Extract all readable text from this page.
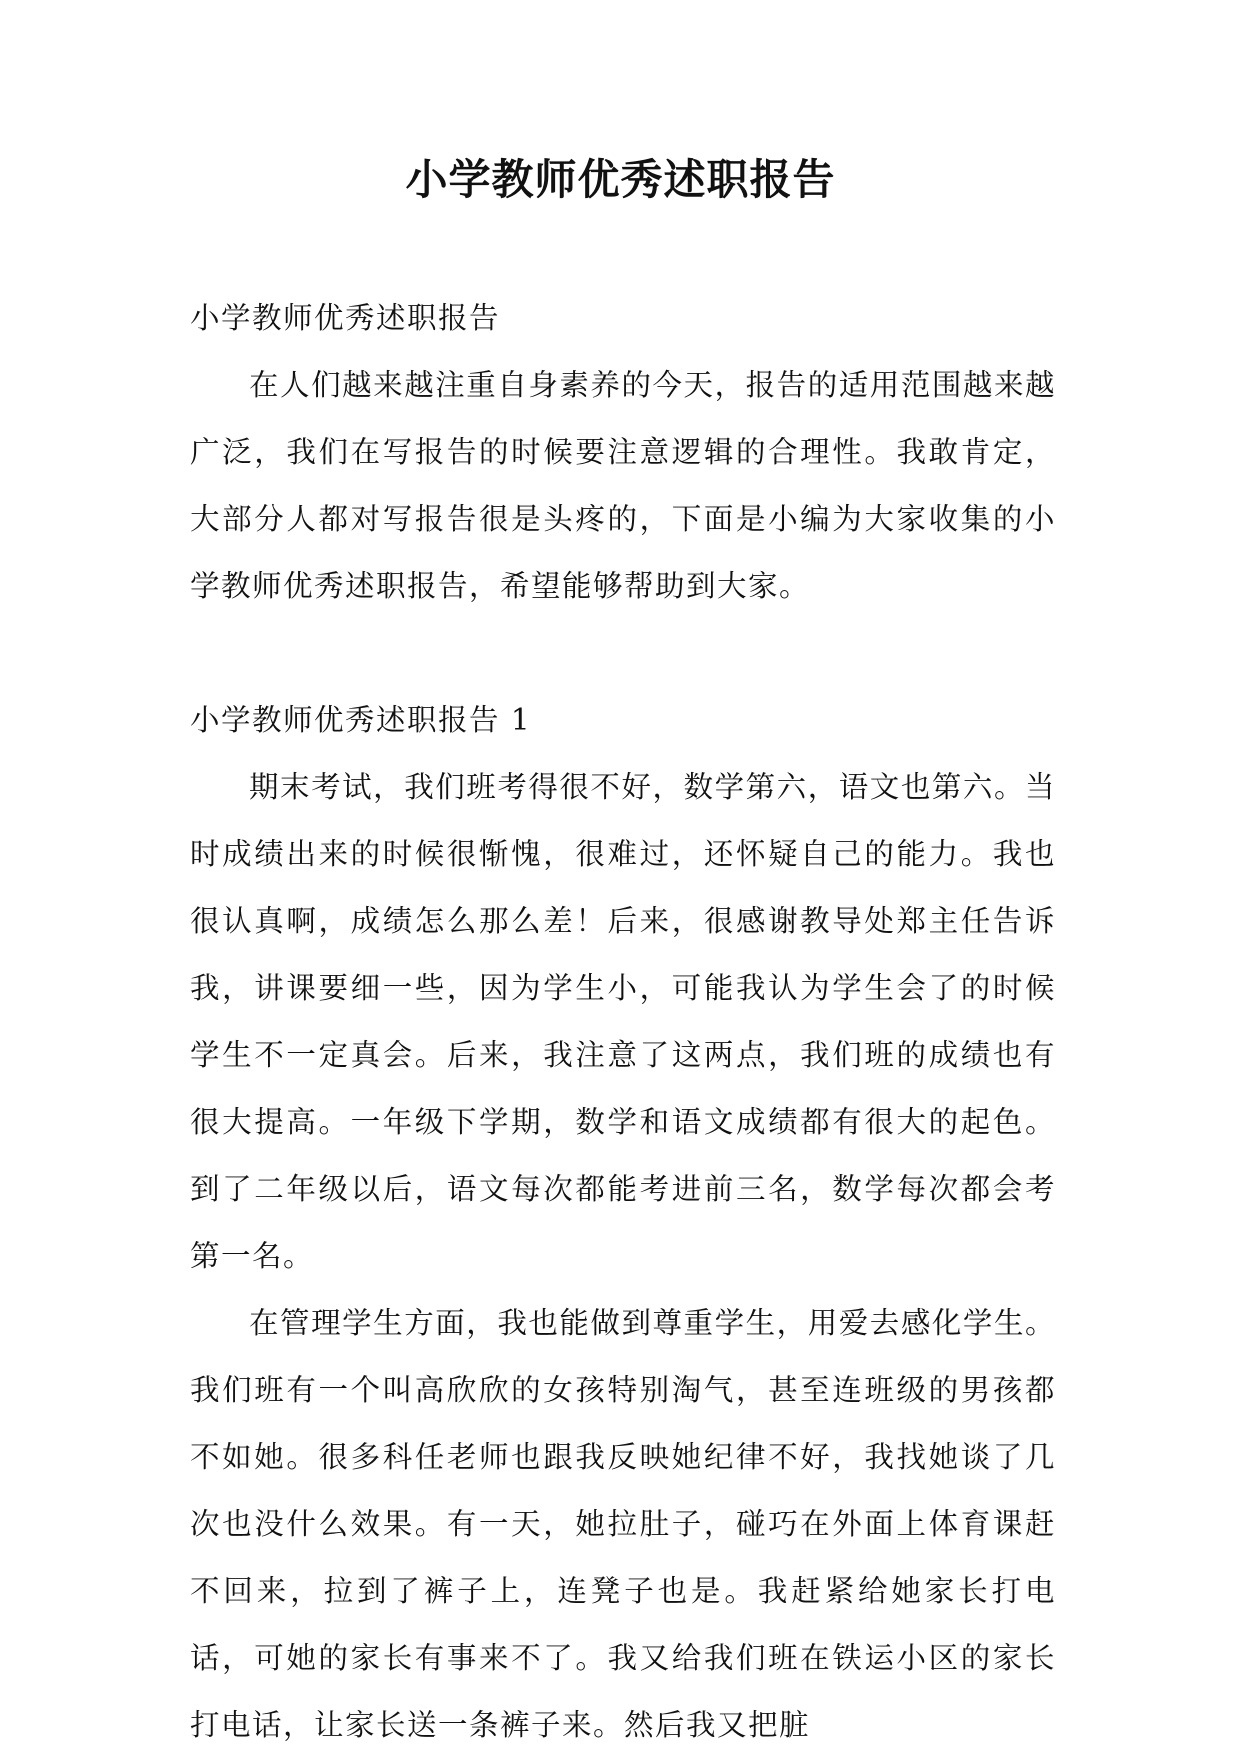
小学教师优秀述职报告

小学教师优秀述职报告

在人们越来越注重自身素养的今天，报告的适用范围越来越广泛，我们在写报告的时候要注意逻辑的合理性。我敢肯定，大部分人都对写报告很是头疼的，下面是小编为大家收集的小学教师优秀述职报告，希望能够帮助到大家。

小学教师优秀述职报告 1

期末考试，我们班考得很不好，数学第六，语文也第六。当时成绩出来的时候很惭愧，很难过，还怀疑自己的能力。我也很认真啊，成绩怎么那么差！后来，很感谢教导处郑主任告诉我，讲课要细一些，因为学生小，可能我认为学生会了的时候学生不一定真会。后来，我注意了这两点，我们班的成绩也有很大提高。一年级下学期，数学和语文成绩都有很大的起色。到了二年级以后，语文每次都能考进前三名，数学每次都会考第一名。

在管理学生方面，我也能做到尊重学生，用爱去感化学生。我们班有一个叫高欣欣的女孩特别淘气，甚至连班级的男孩都不如她。很多科任老师也跟我反映她纪律不好，我找她谈了几次也没什么效果。有一天，她拉肚子，碰巧在外面上体育课赶不回来，拉到了裤子上，连凳子也是。我赶紧给她家长打电话，可她的家长有事来不了。我又给我们班在铁运小区的家长打电话，让家长送一条裤子来。然后我又把脏
